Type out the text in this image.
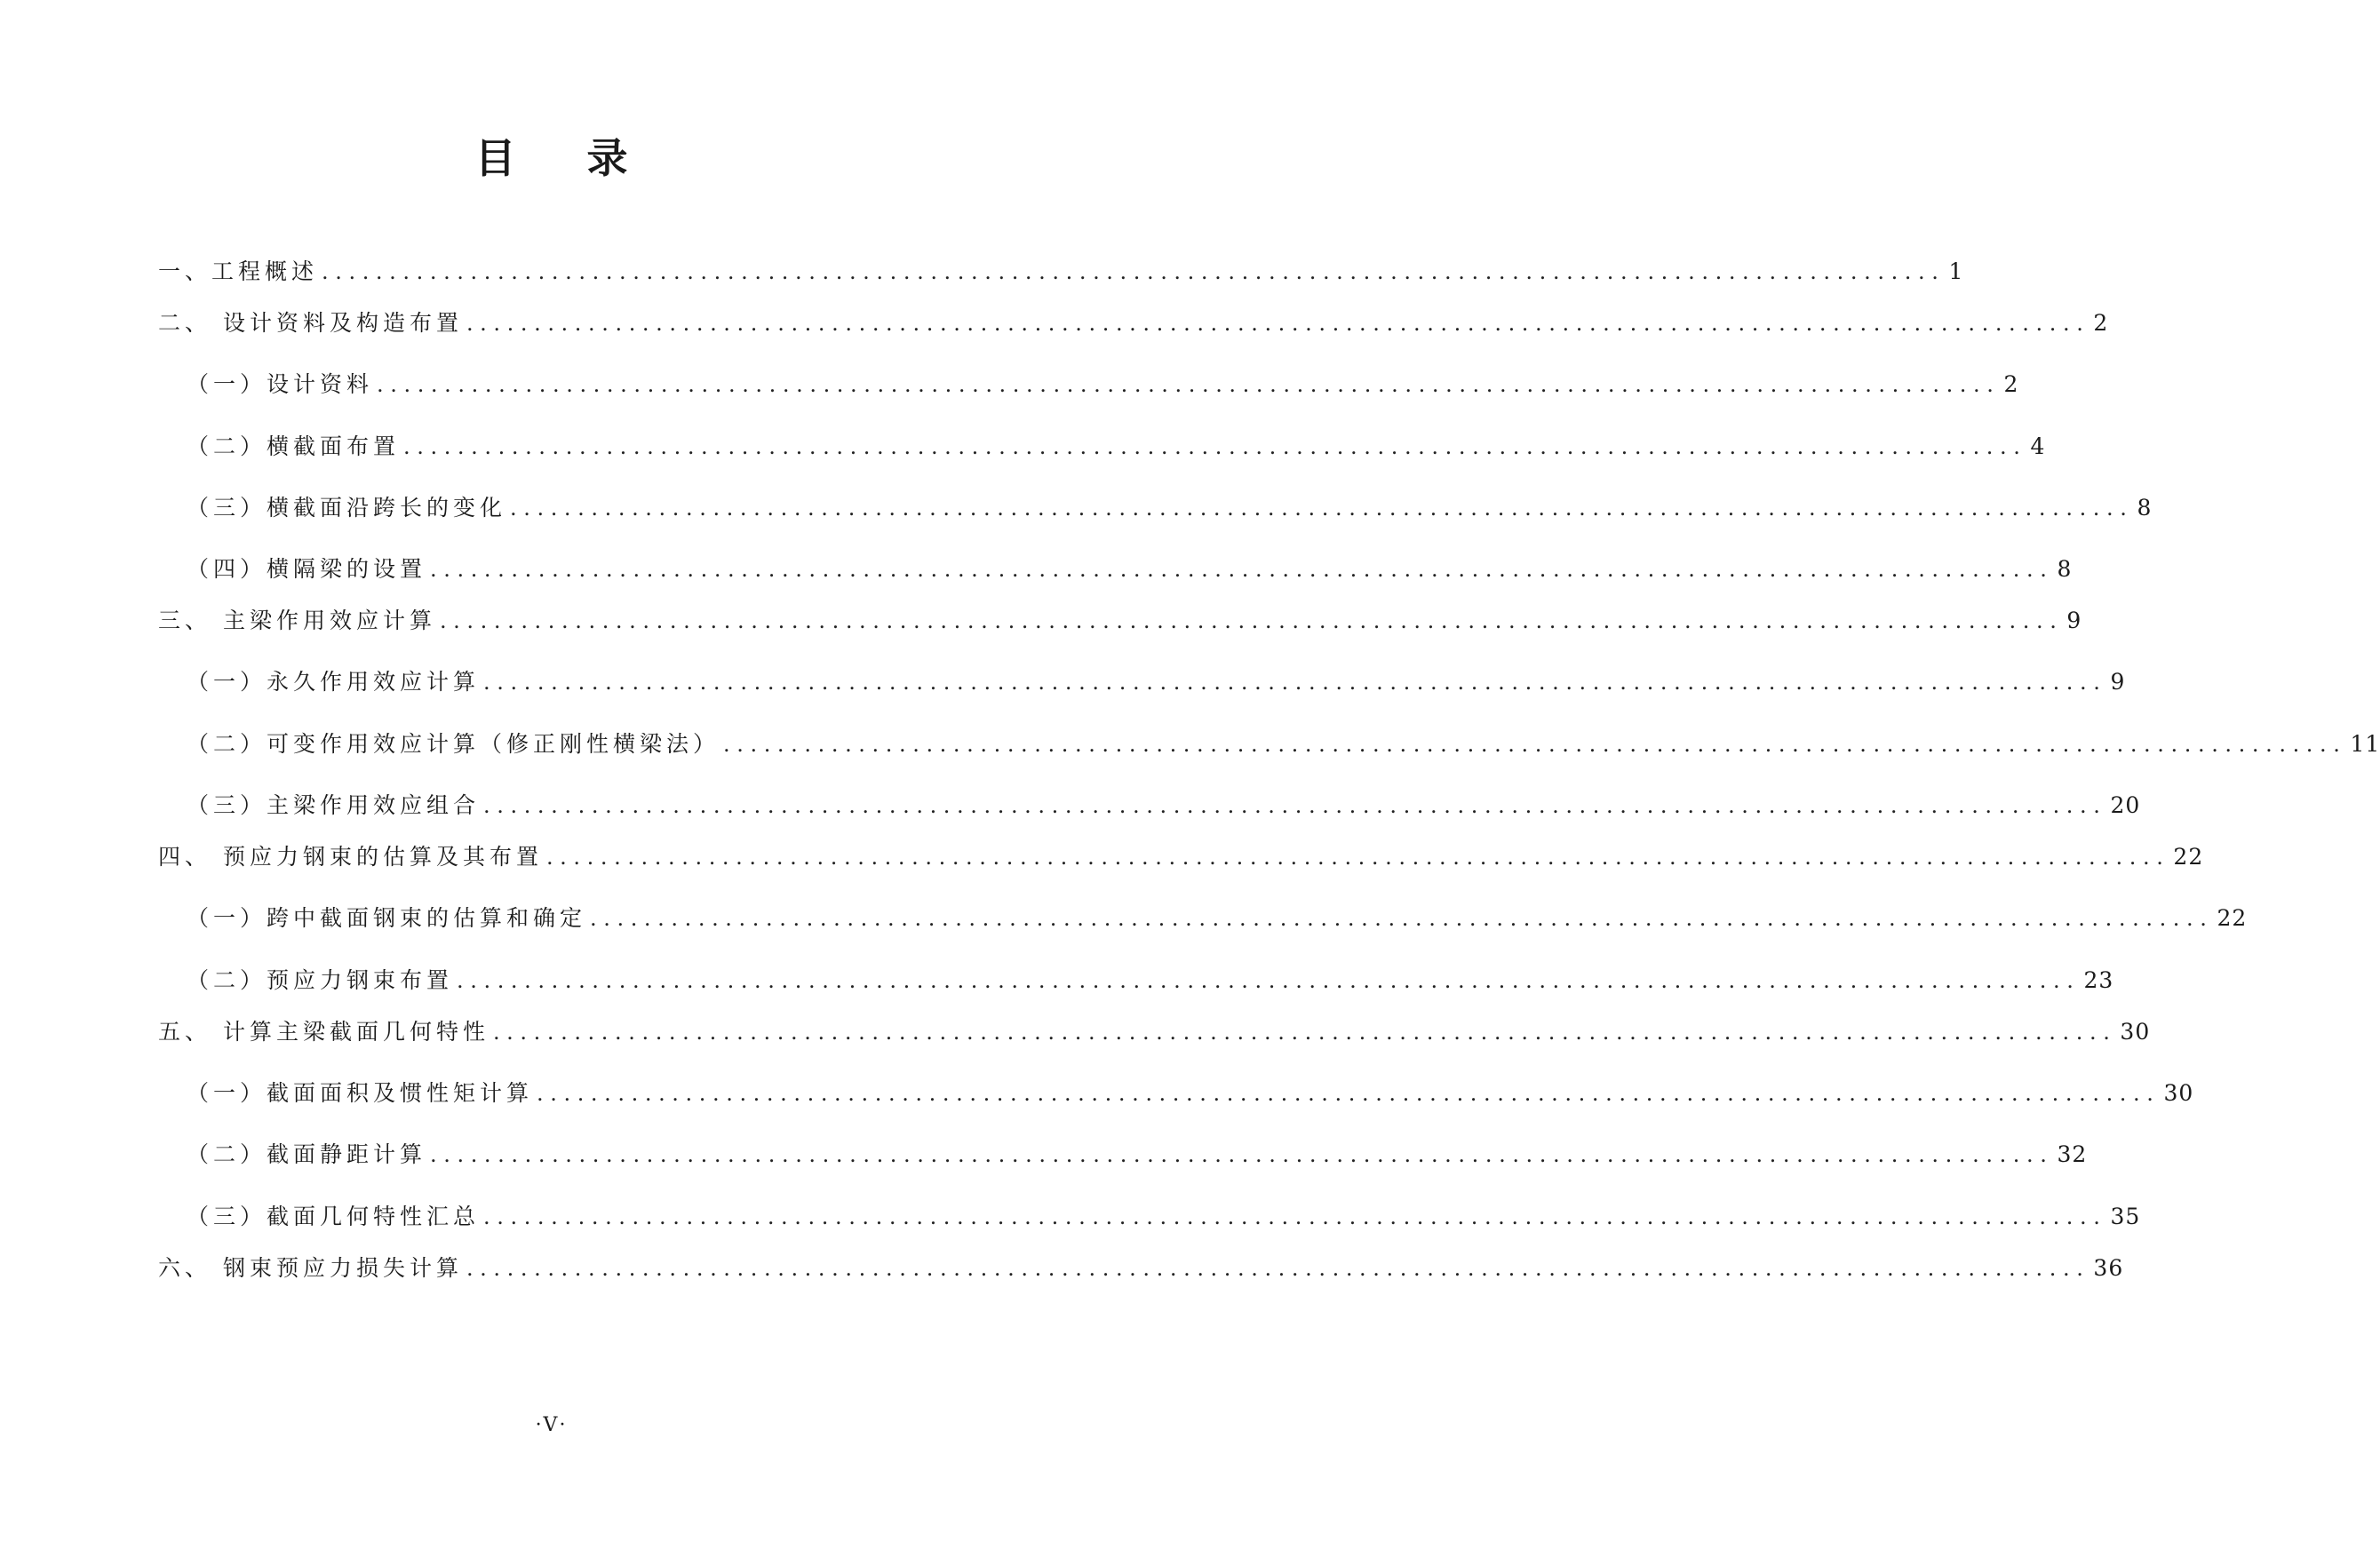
目录
一、工程概述 ........................................................................................................................ 1
二、 设计资料及构造布置 ........................................................................................................................ 2
（一）设计资料 ........................................................................................................................ 2
（二）横截面布置 ........................................................................................................................ 4
（三）横截面沿跨长的变化 ........................................................................................................................ 8
（四）横隔梁的设置 ........................................................................................................................ 8
三、 主梁作用效应计算 ........................................................................................................................ 9
（一）永久作用效应计算 ........................................................................................................................ 9
（二）可变作用效应计算（修正刚性横梁法） ........................................................................................................................ 11
（三）主梁作用效应组合 ........................................................................................................................ 20
四、 预应力钢束的估算及其布置 ........................................................................................................................ 22
（一）跨中截面钢束的估算和确定 ........................................................................................................................ 22
（二）预应力钢束布置 ........................................................................................................................ 23
五、 计算主梁截面几何特性 ........................................................................................................................ 30
（一）截面面积及惯性矩计算 ........................................................................................................................ 30
（二）截面静距计算 ........................................................................................................................ 32
（三）截面几何特性汇总 ........................................................................................................................ 35
六、 钢束预应力损失计算 ........................................................................................................................ 36
·V·
